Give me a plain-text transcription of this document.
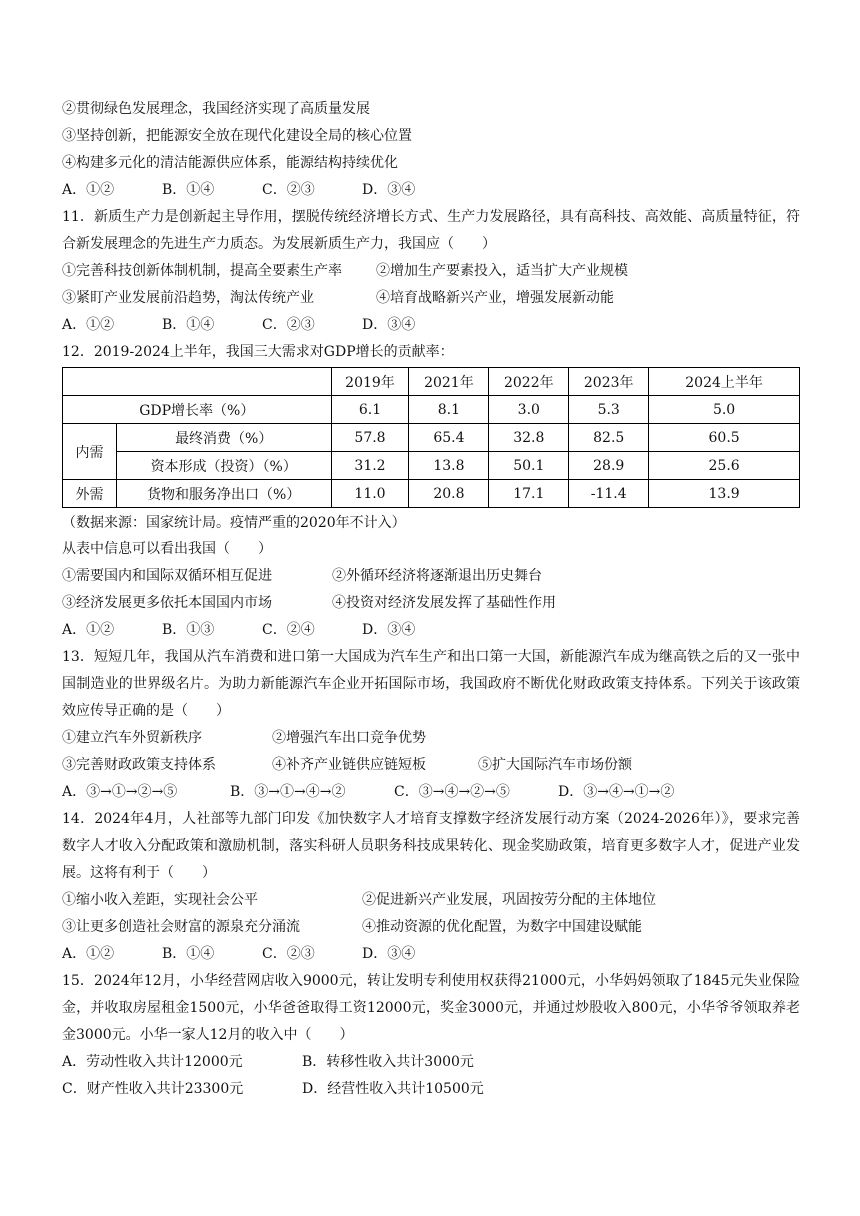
②贯彻绿色发展理念，我国经济实现了高质量发展
③坚持创新，把能源安全放在现代化建设全局的核心位置
④构建多元化的清洁能源供应体系，能源结构持续优化
A．①②	B．①④	C．②③	D．③④
11．新质生产力是创新起主导作用，摆脱传统经济增长方式、生产力发展路径，具有高科技、高效能、高质量特征，符合新发展理念的先进生产力质态。为发展新质生产力，我国应（　　）
①完善科技创新体制机制，提高全要素生产率 ②增加生产要素投入，适当扩大产业规模
③紧盯产业发展前沿趋势，淘汰传统产业	④培育战略新兴产业，增强发展新动能
A．①②	B．①④	C．②③	D．③④
12．2019-2024上半年，我国三大需求对GDP增长的贡献率：
		2019年	2021年	2022年	2023年	2024上半年
GDP增长率（%）		6.1	8.1	3.0	5.3	5.0
内需	最终消费（%）	57.8	65.4	32.8	82.5	60.5
	资本形成（投资）（%）	31.2	13.8	50.1	28.9	25.6
外需	货物和服务净出口（%）	11.0	20.8	17.1	-11.4	13.9
（数据来源：国家统计局。疫情严重的2020年不计入）
从表中信息可以看出我国（　　）
①需要国内和国际双循环相互促进	②外循环经济将逐渐退出历史舞台
③经济发展更多依托本国国内市场	④投资对经济发展发挥了基础性作用
A．①②	B．①③	C．②④	D．③④
13．短短几年，我国从汽车消费和进口第一大国成为汽车生产和出口第一大国，新能源汽车成为继高铁之后的又一张中国制造业的世界级名片。为助力新能源汽车企业开拓国际市场，我国政府不断优化财政政策支持体系。下列关于该政策效应传导正确的是（　　）
①建立汽车外贸新秩序	②增强汽车出口竞争优势
③完善财政政策支持体系	④补齐产业链供应链短板	⑤扩大国际汽车市场份额
A．③→①→②→⑤	B．③→①→④→②	C．③→④→②→⑤	D．③→④→①→②
14．2024年4月，人社部等九部门印发《加快数字人才培育支撑数字经济发展行动方案（2024-2026年）》，要求完善数字人才收入分配政策和激励机制，落实科研人员职务科技成果转化、现金奖励政策，培育更多数字人才，促进产业发展。这将有利于（　　）
①缩小收入差距，实现社会公平	②促进新兴产业发展，巩固按劳分配的主体地位
③让更多创造社会财富的源泉充分涌流	④推动资源的优化配置，为数字中国建设赋能
A．①②	B．①④	C．②③	D．③④
15．2024年12月，小华经营网店收入9000元，转让发明专利使用权获得21000元，小华妈妈领取了1845元失业保险金，并收取房屋租金1500元，小华爸爸取得工资12000元，奖金3000元，并通过炒股收入800元，小华爷爷领取养老金3000元。小华一家人12月的收入中（　　）
A．劳动性收入共计12000元	B．转移性收入共计3000元
C．财产性收入共计23300元	D．经营性收入共计10500元
